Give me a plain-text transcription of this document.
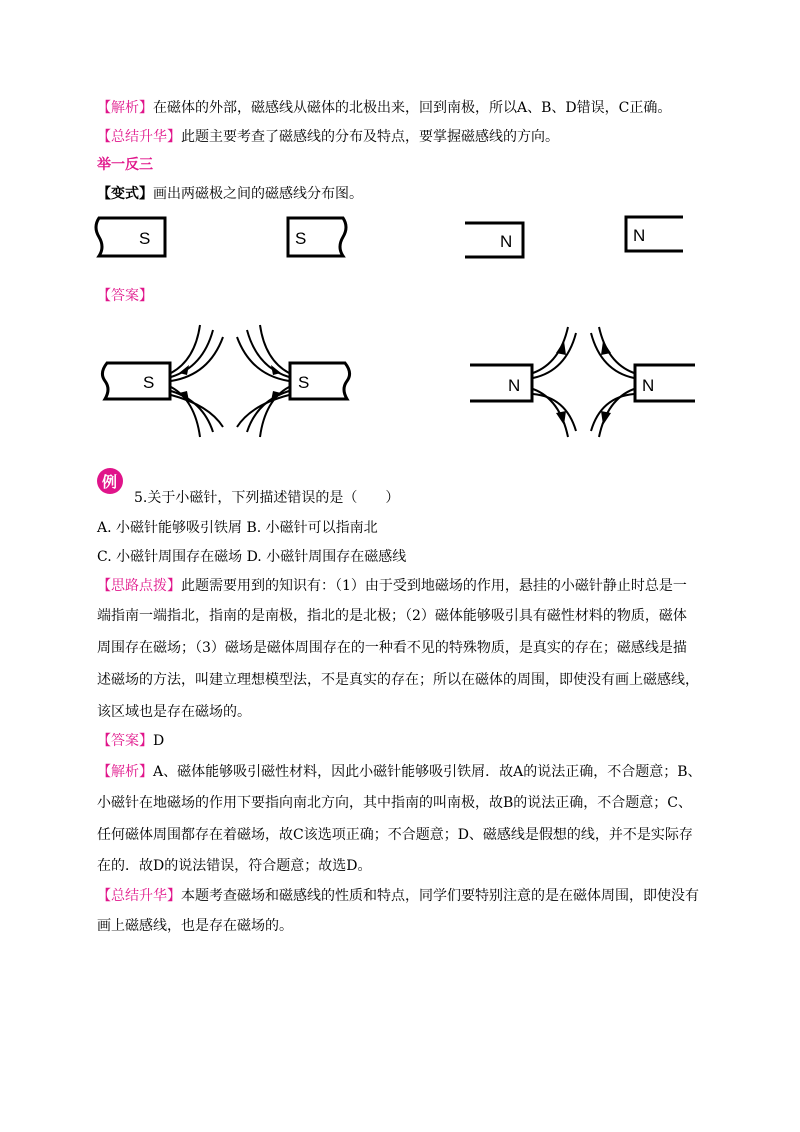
【解析】在磁体的外部，磁感线从磁体的北极出来，回到南极，所以A、B、D错误，C正确。
【总结升华】此题主要考查了磁感线的分布及特点，要掌握磁感线的方向。
举一反三
【变式】画出两磁极之间的磁感线分布图。
S	S	N	N
【答案】
S	S	N	N
例
5.关于小磁针，下列描述错误的是（　　）
A. 小磁针能够吸引铁屑 B. 小磁针可以指南北
C. 小磁针周围存在磁场 D. 小磁针周围存在磁感线
【思路点拨】此题需要用到的知识有：（1）由于受到地磁场的作用，悬挂的小磁针静止时总是一
端指南一端指北，指南的是南极，指北的是北极；（2）磁体能够吸引具有磁性材料的物质，磁体
周围存在磁场；（3）磁场是磁体周围存在的一种看不见的特殊物质，是真实的存在；磁感线是描
述磁场的方法，叫建立理想模型法，不是真实的存在；所以在磁体的周围，即使没有画上磁感线，
该区域也是存在磁场的。
【答案】D
【解析】A、磁体能够吸引磁性材料，因此小磁针能够吸引铁屑．故A的说法正确，不合题意；B、
小磁针在地磁场的作用下要指向南北方向，其中指南的叫南极，故B的说法正确，不合题意；C、
任何磁体周围都存在着磁场，故C该选项正确；不合题意；D、磁感线是假想的线，并不是实际存
在的．故D的说法错误，符合题意；故选D。
【总结升华】本题考查磁场和磁感线的性质和特点，同学们要特别注意的是在磁体周围，即使没有
画上磁感线，也是存在磁场的。
